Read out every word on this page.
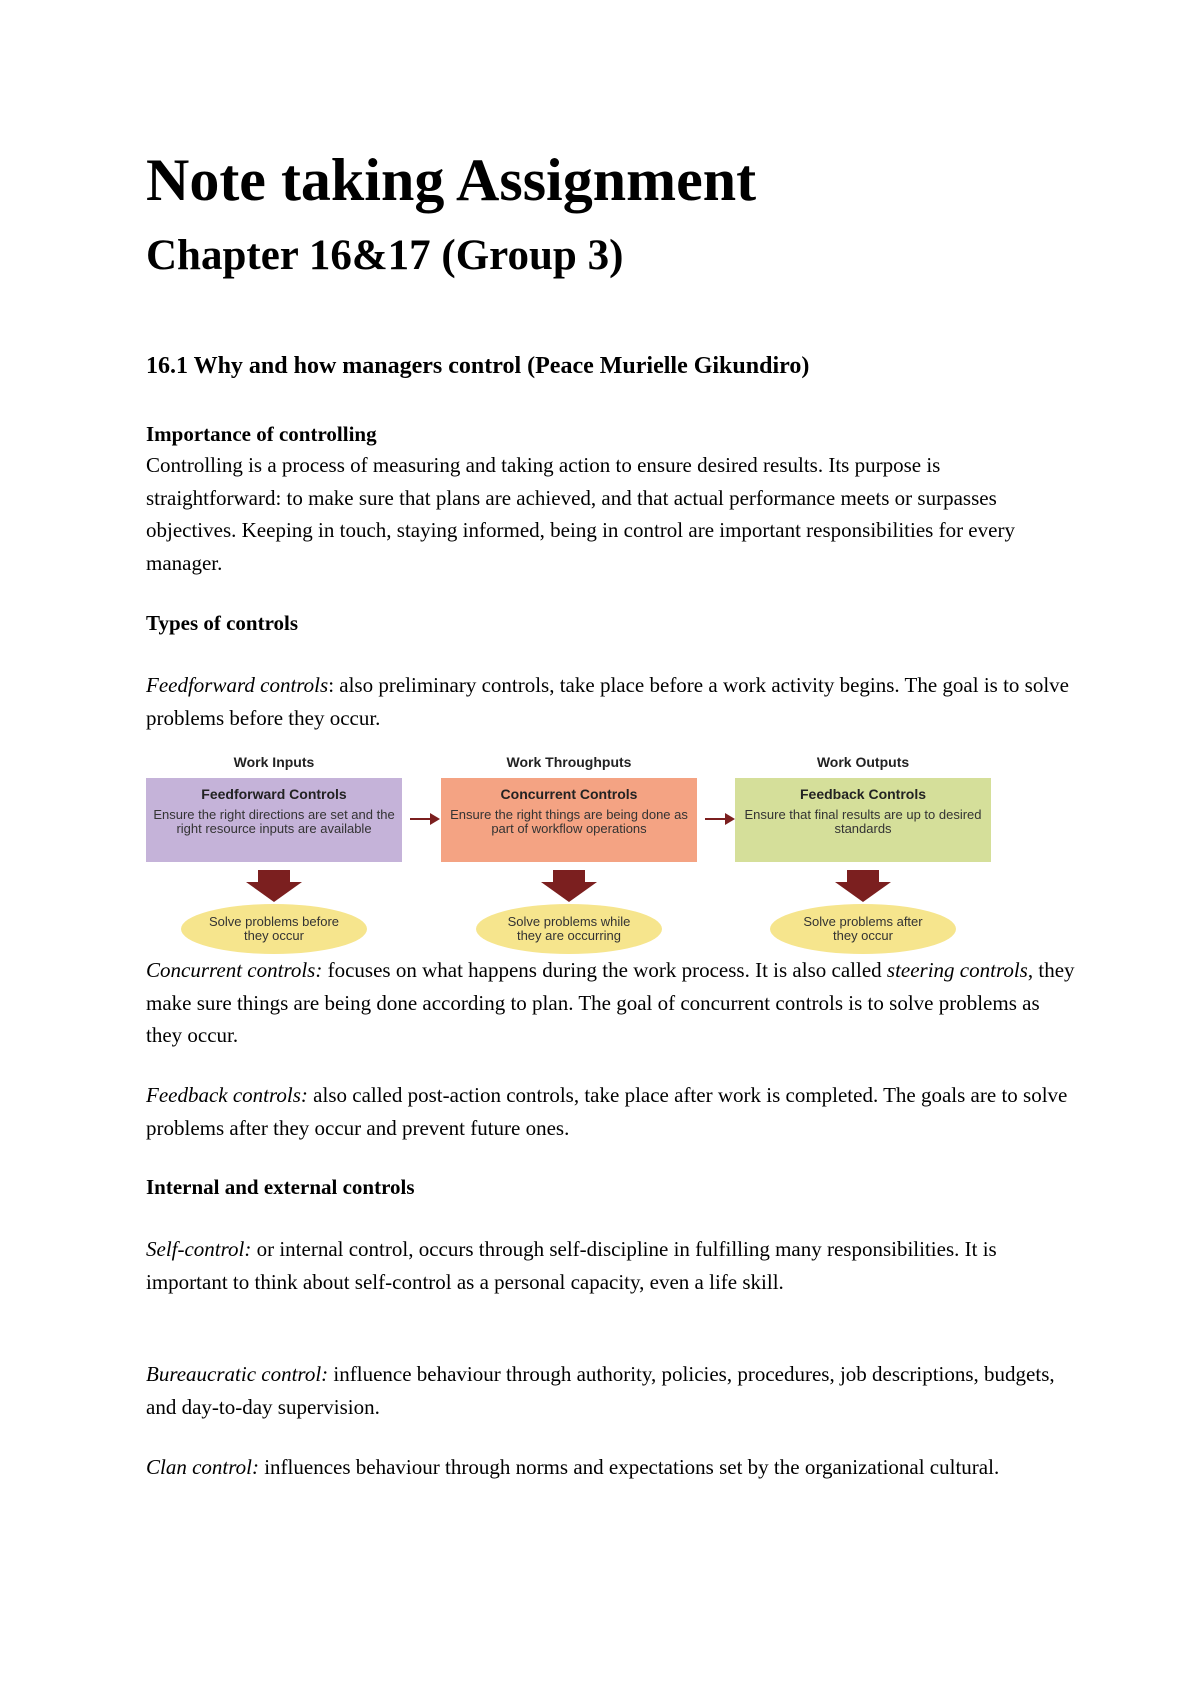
Note taking Assignment
Chapter 16&17 (Group 3)
16.1 Why and how managers control (Peace Murielle Gikundiro)
Importance of controlling

Controlling is a process of measuring and taking action to ensure desired results. Its purpose is straightforward: to make sure that plans are achieved, and that actual performance meets or surpasses objectives. Keeping in touch, staying informed, being in control are important responsibilities for every manager.

Types of controls

Feedforward controls: also preliminary controls, take place before a work activity begins. The goal is to solve problems before they occur.

Work Inputs
Feedforward Controls
Ensure the right directions are set and the right resource inputs are available
Solve problems before they occur
Work Throughputs
Concurrent Controls
Ensure the right things are being done as part of workflow operations
Solve problems while they are occurring
Work Outputs
Feedback Controls
Ensure that final results are up to desired standards
Solve problems after they occur

Concurrent controls: focuses on what happens during the work process. It is also called steering controls, they make sure things are being done according to plan. The goal of concurrent controls is to solve problems as they occur.

Feedback controls: also called post-action controls, take place after work is completed. The goals are to solve problems after they occur and prevent future ones.

Internal and external controls

Self-control: or internal control, occurs through self-discipline in fulfilling many responsibilities. It is important to think about self-control as a personal capacity, even a life skill.

Bureaucratic control: influence behaviour through authority, policies, procedures, job descriptions, budgets, and day-to-day supervision.

Clan control: influences behaviour through norms and expectations set by the organizational cultural.
